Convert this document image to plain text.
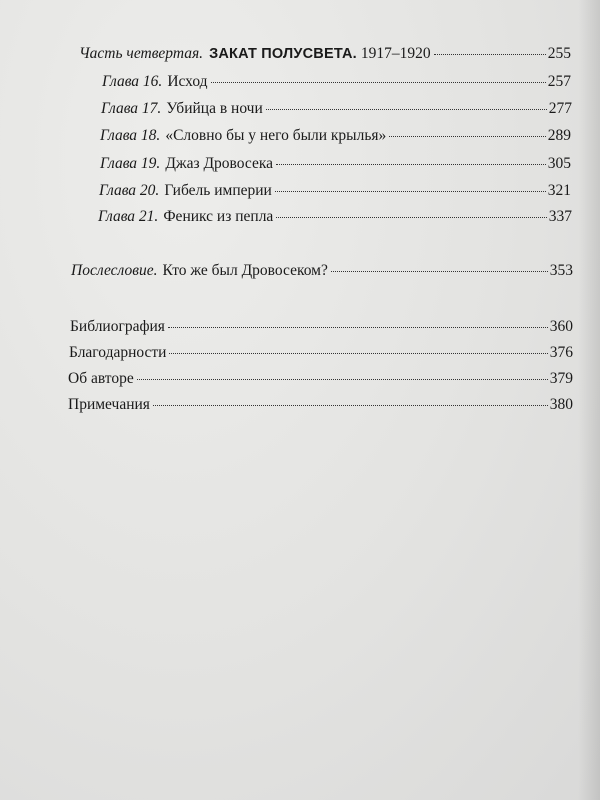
Часть четвертая. ЗАКАТ ПОЛУСВЕТА. 1917–1920	255
Глава 16. Исход	257
Глава 17. Убийца в ночи	277
Глава 18. «Словно бы у него были крылья»	289
Глава 19. Джаз Дровосека	305
Глава 20. Гибель империи	321
Глава 21. Феникс из пепла	337
Послесловие. Кто же был Дровосеком?	353
Библиография	360
Благодарности	376
Об авторе	379
Примечания	380
